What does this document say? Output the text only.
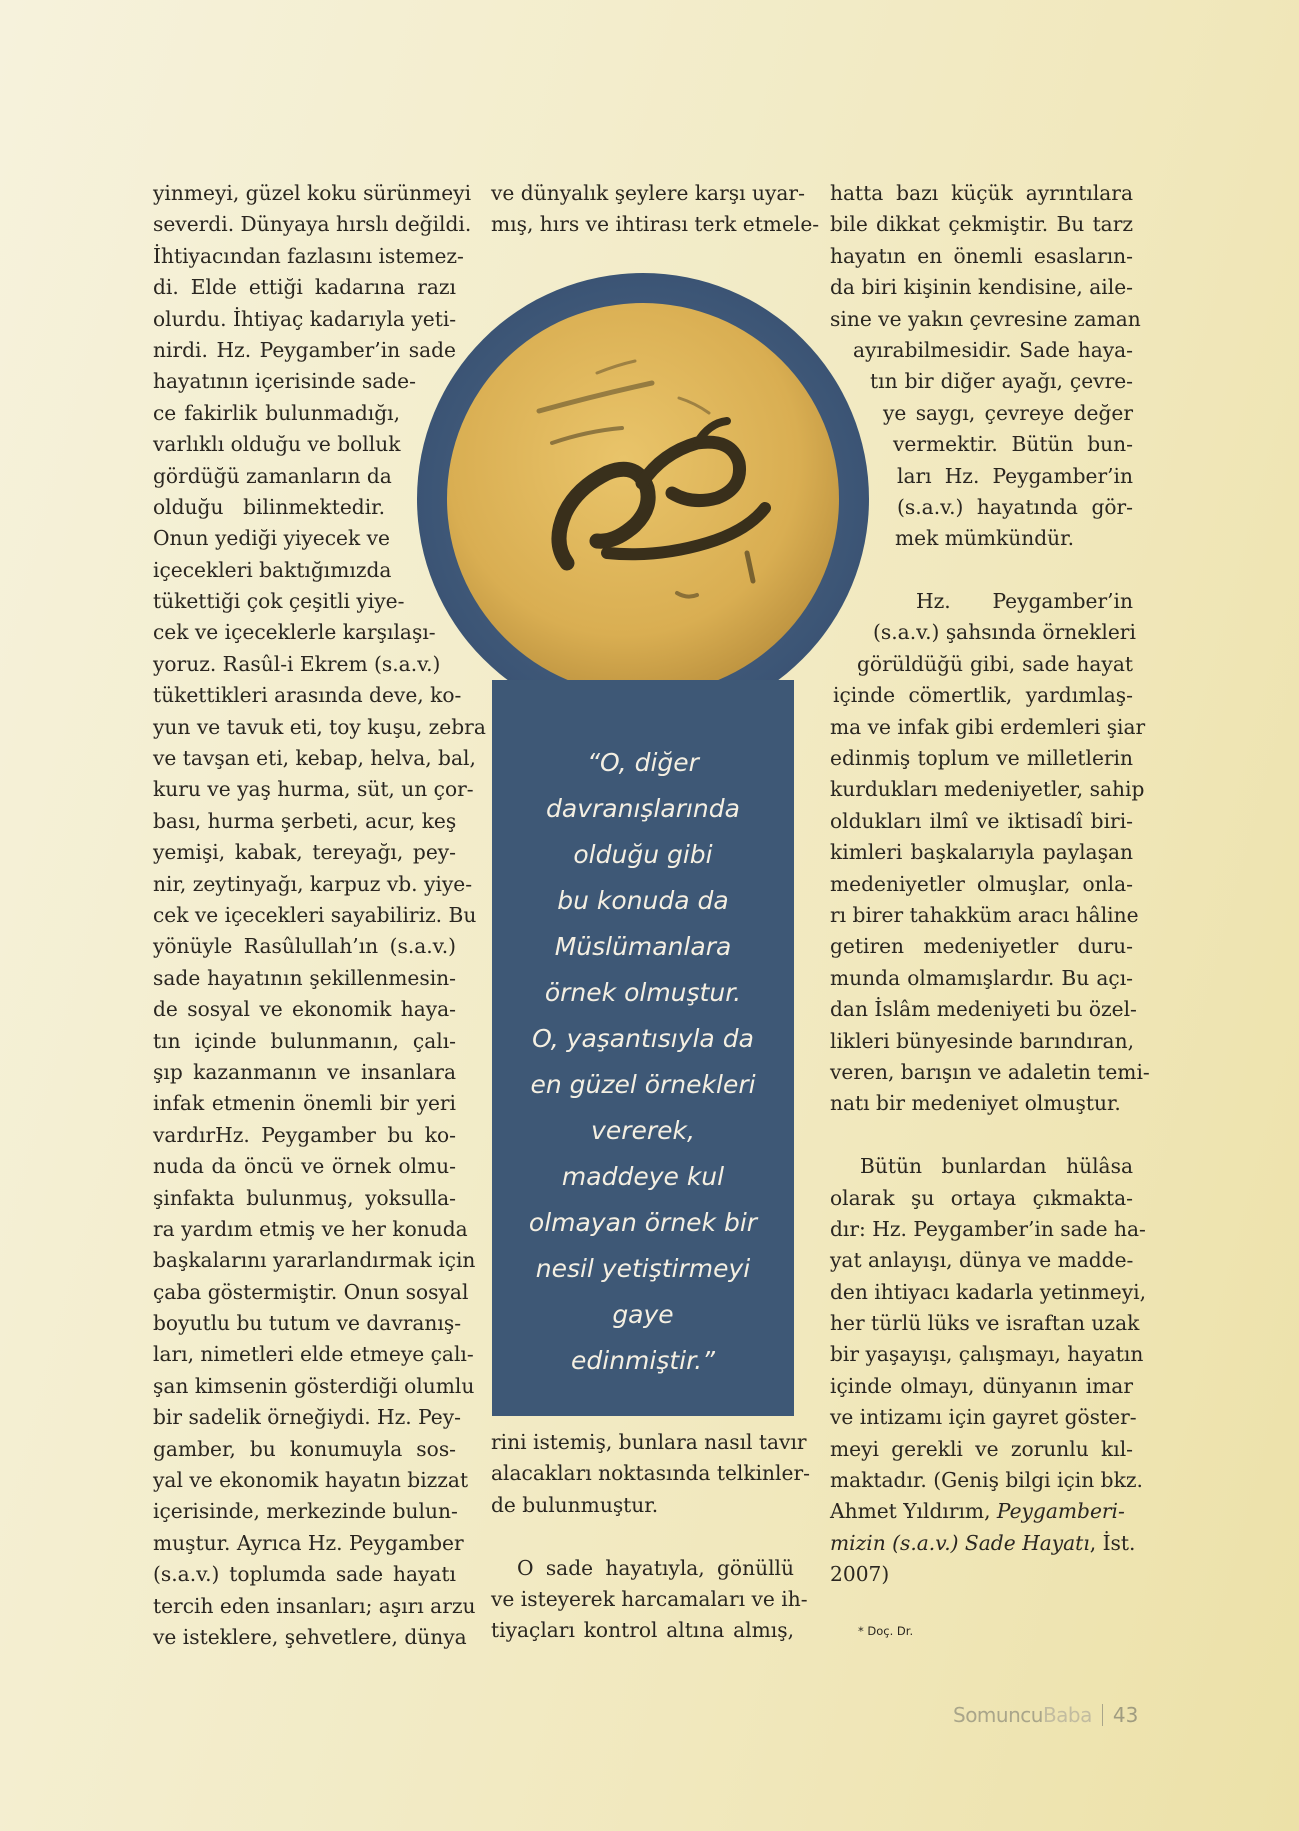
yinmeyi, güzel koku sürünmeyi
severdi. Dünyaya hırslı değildi.
İhtiyacından fazlasını istemez-
di. Elde ettiği kadarına razı
olurdu. İhtiyaç kadarıyla yeti-
nirdi. Hz. Peygamber’in sade
hayatının içerisinde sade-
ce fakirlik bulunmadığı,
varlıklı olduğu ve bolluk
gördüğü zamanların da
olduğu bilinmektedir.
Onun yediği yiyecek ve
içecekleri baktığımızda
tükettiği çok çeşitli yiye-
cek ve içeceklerle karşılaşı-
yoruz. Rasûl-i Ekrem (s.a.v.)
tükettikleri arasında deve, ko-
yun ve tavuk eti, toy kuşu, zebra
ve tavşan eti, kebap, helva, bal,
kuru ve yaş hurma, süt, un çor-
bası, hurma şerbeti, acur, keş
yemişi, kabak, tereyağı, pey-
nir, zeytinyağı, karpuz vb. yiye-
cek ve içecekleri sayabiliriz. Bu
yönüyle Rasûlullah’ın (s.a.v.)
sade hayatının şekillenmesin-
de sosyal ve ekonomik haya-
tın içinde bulunmanın, çalı-
şıp kazanmanın ve insanlara
infak etmenin önemli bir yeri
vardırHz. Peygamber bu ko-
nuda da öncü ve örnek olmu-
şinfakta bulunmuş, yoksulla-
ra yardım etmiş ve her konuda
başkalarını yararlandırmak için
çaba göstermiştir. Onun sosyal
boyutlu bu tutum ve davranış-
ları, nimetleri elde etmeye çalı-
şan kimsenin gösterdiği olumlu
bir sadelik örneğiydi. Hz. Pey-
gamber, bu konumuyla sos-
yal ve ekonomik hayatın bizzat
içerisinde, merkezinde bulun-
muştur. Ayrıca Hz. Peygamber
(s.a.v.) toplumda sade hayatı
tercih eden insanları; aşırı arzu
ve isteklere, şehvetlere, dünya
ve dünyalık şeylere karşı uyar-
mış, hırs ve ihtirası terk etmele-
“O, diğer
davranışlarında
olduğu gibi
bu konuda da
Müslümanlara
örnek olmuştur.
O, yaşantısıyla da
en güzel örnekleri
vererek,
maddeye kul
olmayan örnek bir
nesil yetiştirmeyi
gaye
edinmiştir.”
rini istemiş, bunlara nasıl tavır
alacakları noktasında telkinler-
de bulunmuştur.
O sade hayatıyla, gönüllü
ve isteyerek harcamaları ve ih-
tiyaçları kontrol altına almış,
hatta bazı küçük ayrıntılara
bile dikkat çekmiştir. Bu tarz
hayatın en önemli esasların-
da biri kişinin kendisine, aile-
sine ve yakın çevresine zaman
ayırabilmesidir. Sade haya-
tın bir diğer ayağı, çevre-
ye saygı, çevreye değer
vermektir. Bütün bun-
ları Hz. Peygamber’in
(s.a.v.) hayatında gör-
mek mümkündür.
Hz. Peygamber’in
(s.a.v.) şahsında örnekleri
görüldüğü gibi, sade hayat
içinde cömertlik, yardımlaş-
ma ve infak gibi erdemleri şiar
edinmiş toplum ve milletlerin
kurdukları medeniyetler, sahip
oldukları ilmî ve iktisadî biri-
kimleri başkalarıyla paylaşan
medeniyetler olmuşlar, onla-
rı birer tahakküm aracı hâline
getiren medeniyetler duru-
munda olmamışlardır. Bu açı-
dan İslâm medeniyeti bu özel-
likleri bünyesinde barındıran,
veren, barışın ve adaletin temi-
natı bir medeniyet olmuştur.
Bütün bunlardan hülâsa
olarak şu ortaya çıkmakta-
dır: Hz. Peygamber’in sade ha-
yat anlayışı, dünya ve madde-
den ihtiyacı kadarla yetinmeyi,
her türlü lüks ve israftan uzak
bir yaşayışı, çalışmayı, hayatın
içinde olmayı, dünyanın imar
ve intizamı için gayret göster-
meyi gerekli ve zorunlu kıl-
maktadır. (Geniş bilgi için bkz.
Ahmet Yıldırım, Peygamberi-
mizin (s.a.v.) Sade Hayatı, İst.
2007)
* Doç. Dr.
SomuncuBaba 43
